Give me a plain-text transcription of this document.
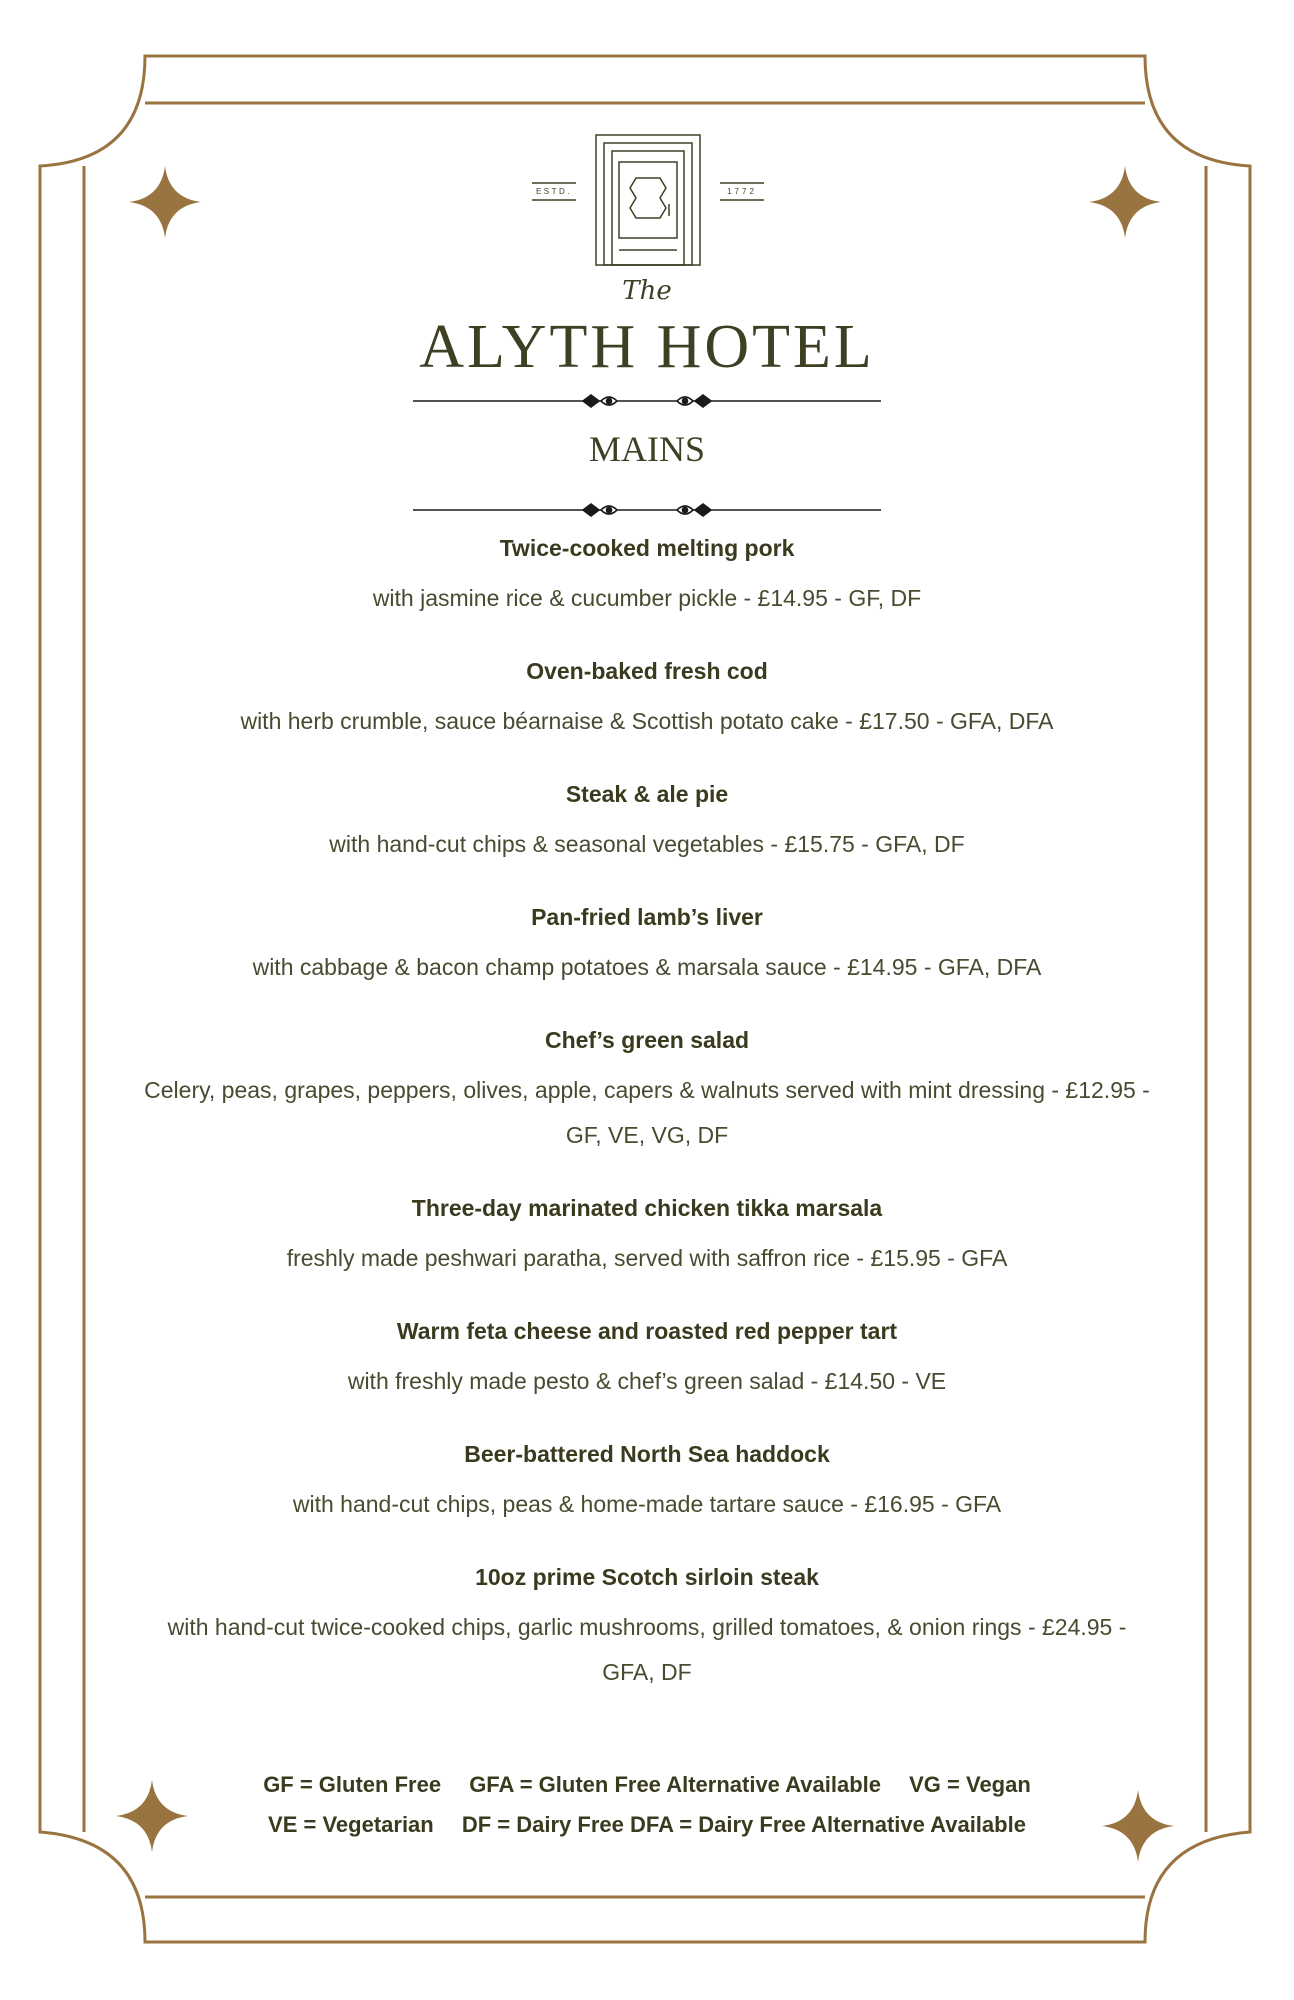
ESTD.	1772
The
ALYTH HOTEL
MAINS
Twice-cooked melting pork
with jasmine rice & cucumber pickle - £14.95 - GF, DF
Oven-baked fresh cod
with herb crumble, sauce béarnaise & Scottish potato cake - £17.50 - GFA, DFA
Steak & ale pie
with hand-cut chips & seasonal vegetables - £15.75 - GFA, DF
Pan-fried lamb’s liver
with cabbage & bacon champ potatoes & marsala sauce - £14.95 - GFA, DFA
Chef’s green salad
Celery, peas, grapes, peppers, olives, apple, capers & walnuts served with mint dressing - £12.95 - GF, VE, VG, DF
Three-day marinated chicken tikka marsala
freshly made peshwari paratha, served with saffron rice - £15.95 - GFA
Warm feta cheese and roasted red pepper tart
with freshly made pesto & chef’s green salad - £14.50 - VE
Beer-battered North Sea haddock
with hand-cut chips, peas & home-made tartare sauce - £16.95 - GFA
10oz prime Scotch sirloin steak
with hand-cut twice-cooked chips, garlic mushrooms, grilled tomatoes, & onion rings - £24.95 - GFA, DF
GF = Gluten Free GFA = Gluten Free Alternative Available VG = Vegan
VE = Vegetarian DF = Dairy Free DFA = Dairy Free Alternative Available
